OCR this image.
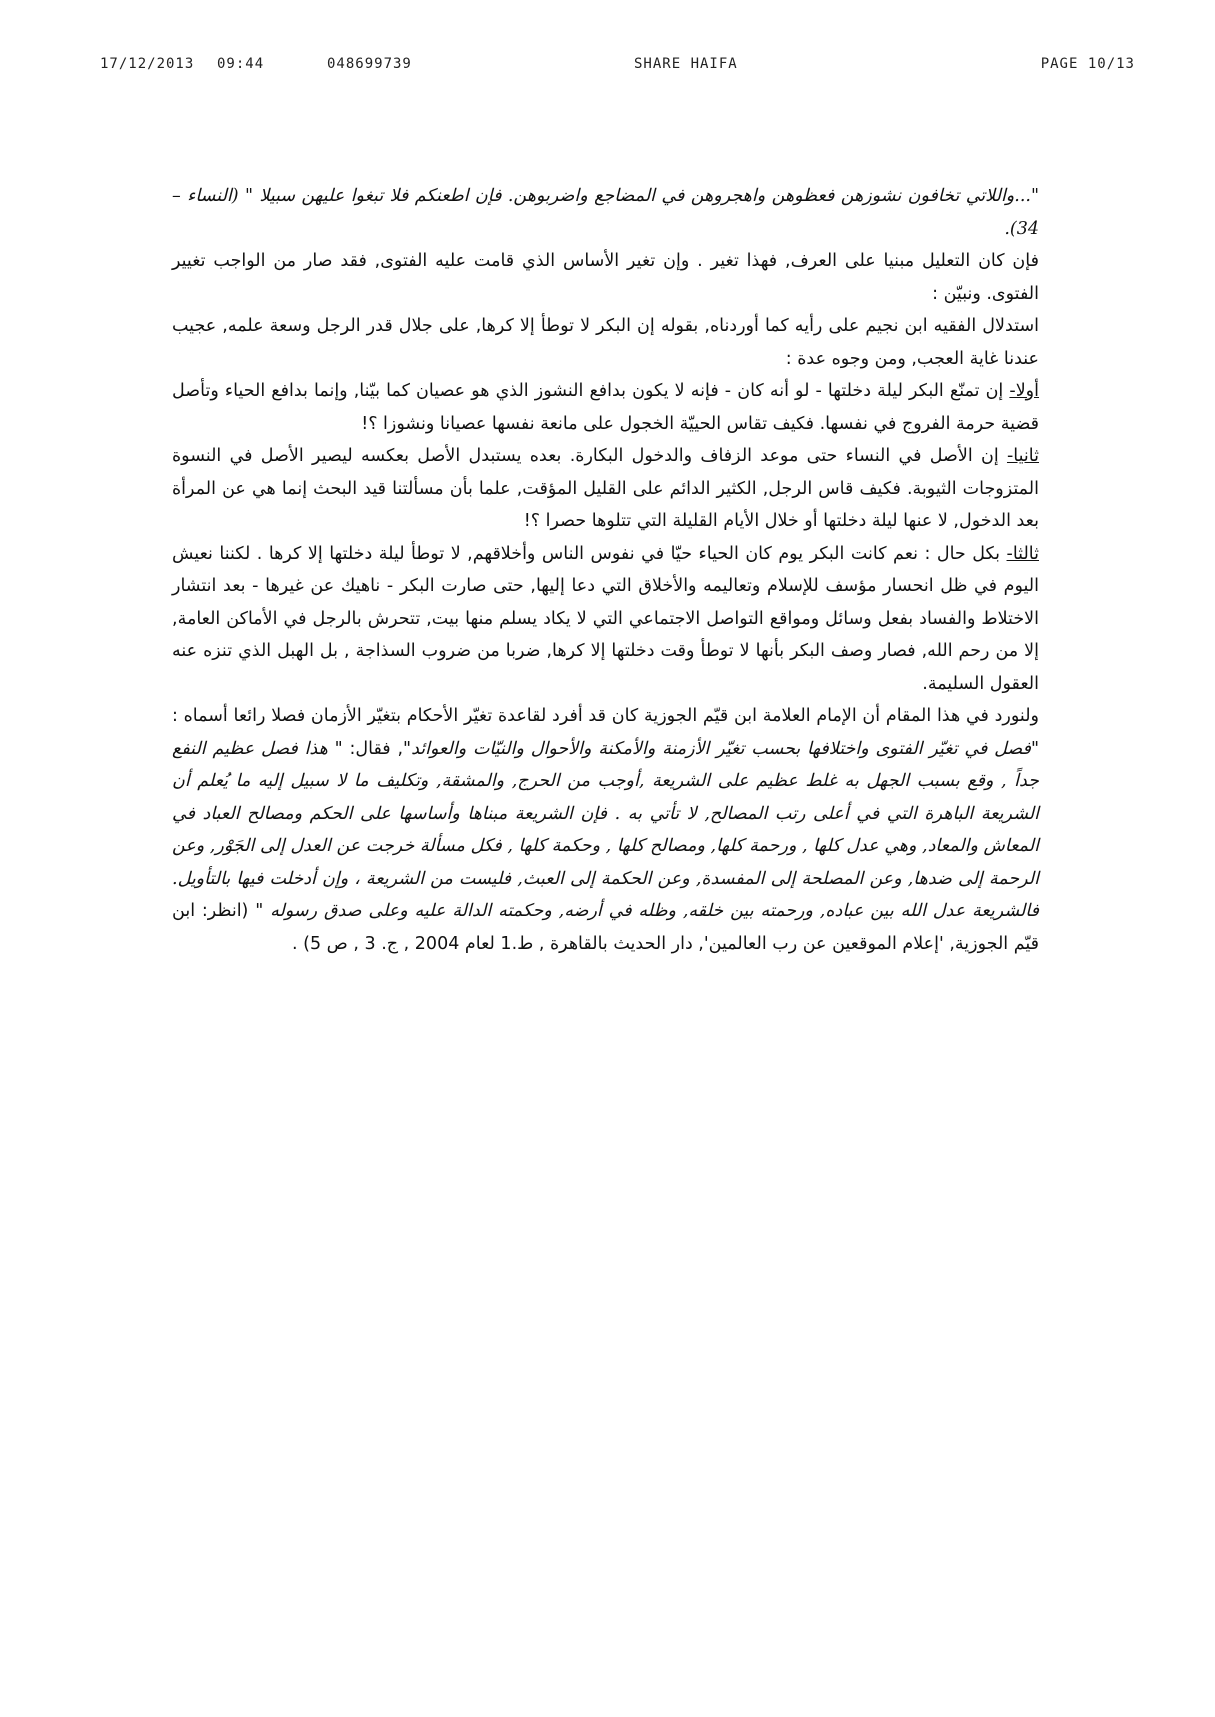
17/12/2013 09:44	048699739	SHARE HAIFA	PAGE 10/13

"...واللاتي تخافون نشوزهن فعظوهن واهجروهن في المضاجع واضربوهن. فإن اطعنكم فلا تبغوا عليهن سبيلا " (النساء – 34).

فإن كان التعليل مبنيا على العرف, فهذا تغير . وإن تغير الأساس الذي قامت عليه الفتوى, فقد صار من الواجب تغيير الفتوى. ونبيّن :

استدلال الفقيه ابن نجيم على رأيه كما أوردناه, بقوله إن البكر لا توطأ إلا كرها, على جلال قدر الرجل وسعة علمه, عجيب عندنا غاية العجب, ومن وجوه عدة :

أولا- إن تمنّع البكر ليلة دخلتها - لو أنه كان - فإنه لا يكون بدافع النشوز الذي هو عصيان كما بيّنا, وإنما بدافع الحياء وتأصل قضية حرمة الفروج في نفسها. فكيف تقاس الحييّة الخجول على مانعة نفسها عصيانا ونشوزا ؟!

ثانيا- إن الأصل في النساء حتى موعد الزفاف والدخول البكارة. بعده يستبدل الأصل بعكسه ليصير الأصل في النسوة المتزوجات الثيوبة. فكيف قاس الرجل, الكثير الدائم على القليل المؤقت, علما بأن مسألتنا قيد البحث إنما هي عن المرأة بعد الدخول, لا عنها ليلة دخلتها أو خلال الأيام القليلة التي تتلوها حصرا ؟!

ثالثا- بكل حال : نعم كانت البكر يوم كان الحياء حيّا في نفوس الناس وأخلاقهم, لا توطأ ليلة دخلتها إلا كرها . لكننا نعيش اليوم في ظل انحسار مؤسف للإسلام وتعاليمه والأخلاق التي دعا إليها, حتى صارت البكر - ناهيك عن غيرها - بعد انتشار الاختلاط والفساد بفعل وسائل ومواقع التواصل الاجتماعي التي لا يكاد يسلم منها بيت, تتحرش بالرجل في الأماكن العامة, إلا من رحم الله, فصار وصف البكر بأنها لا توطأ وقت دخلتها إلا كرها, ضربا من ضروب السذاجة , بل الهبل الذي تنزه عنه العقول السليمة.

ولنورد في هذا المقام أن الإمام العلامة ابن قيّم الجوزية كان قد أفرد لقاعدة تغيّر الأحكام بتغيّر الأزمان فصلا رائعا أسماه : "فصل في تغيّر الفتوى واختلافها بحسب تغيّر الأزمنة والأمكنة والأحوال والنيّات والعوائد", فقال: " هذا فصل عظيم النفع جداً , وقع بسبب الجهل به غلط عظيم على الشريعة ,أوجب من الحرج, والمشقة, وتكليف ما لا سبيل إليه ما يُعلم أن الشريعة الباهرة التي في أعلى رتب المصالح, لا تأتي به . فإن الشريعة مبناها وأساسها على الحكم ومصالح العباد في المعاش والمعاد, وهي عدل كلها , ورحمة كلها, ومصالح كلها , وحكمة كلها , فكل مسألة خرجت عن العدل إلى الجَوْر, وعن الرحمة إلى ضدها, وعن المصلحة إلى المفسدة, وعن الحكمة إلى العبث, فليست من الشريعة ، وإن أدخلت فيها بالتأويل. فالشريعة عدل الله بين عباده, ورحمته بين خلقه, وظله في أرضه, وحكمته الدالة عليه وعلى صدق رسوله " (انظر: ابن قيّم الجوزية, 'إعلام الموقعين عن رب العالمين', دار الحديث بالقاهرة , ط.1 لعام 2004 , ج. 3 , ص 5) .
